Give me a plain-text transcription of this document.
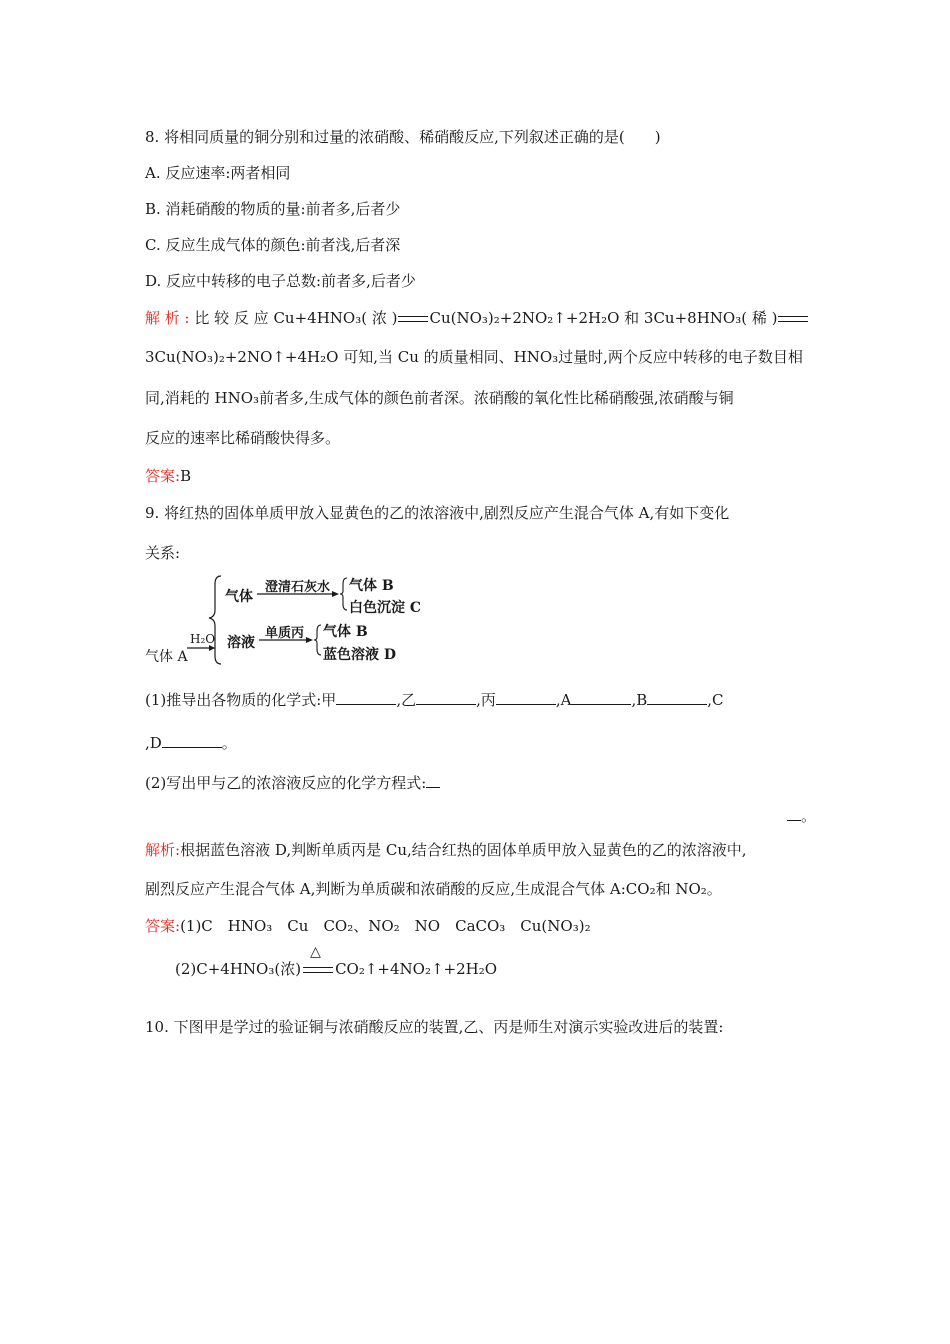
8. 将相同质量的铜分别和过量的浓硝酸、稀硝酸反应,下列叙述正确的是(　　)
A. 反应速率:两者相同
B. 消耗硝酸的物质的量:前者多,后者少
C. 反应生成气体的颜色:前者浅,后者深
D. 反应中转移的电子总数:前者多,后者少
解 析 : 比 较 反 应 Cu+4HNO₃( 浓 ) Cu(NO₃)₂+2NO₂↑+2H₂O 和 3Cu+8HNO₃( 稀 )
3Cu(NO₃)₂+2NO↑+4H₂O 可知,当 Cu 的质量相同、HNO₃过量时,两个反应中转移的电子数目相
同,消耗的 HNO₃前者多,生成气体的颜色前者深。浓硝酸的氧化性比稀硝酸强,浓硝酸与铜
反应的速率比稀硝酸快得多。
答案:B
9. 将红热的固体单质甲放入显黄色的乙的浓溶液中,剧烈反应产生混合气体 A,有如下变化
关系:
气体 A
H₂O
气体
澄清石灰水 气体 B
白色沉淀 C
溶液
单质丙 气体 B
蓝色溶液 D
(1)推导出各物质的化学式:甲	,乙	,丙	,A	,B	,C
,D	。
(2)写出甲与乙的浓溶液反应的化学方程式:
。
解析:根据蓝色溶液 D,判断单质丙是 Cu,结合红热的固体单质甲放入显黄色的乙的浓溶液中,
剧烈反应产生混合气体 A,判断为单质碳和浓硝酸的反应,生成混合气体 A:CO₂和 NO₂。
答案:(1)C　HNO₃　Cu　CO₂、NO₂　NO　CaCO₃　Cu(NO₃)₂
(2)C+4HNO₃(浓)
△
CO₂↑+4NO₂↑+2H₂O
10. 下图甲是学过的验证铜与浓硝酸反应的装置,乙、丙是师生对演示实验改进后的装置:
